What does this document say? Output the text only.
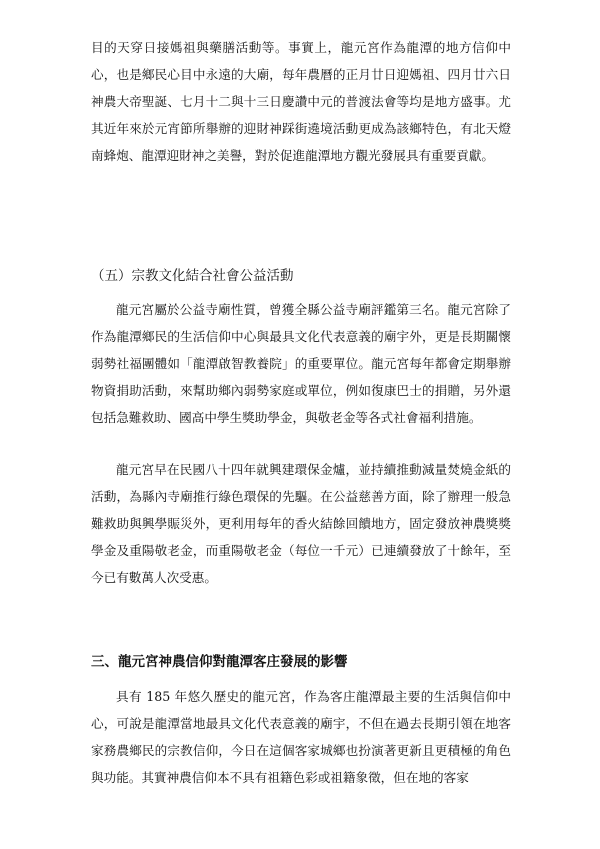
目的天穿日接媽祖與藥膳活動等。事實上，龍元宮作為龍潭的地方信仰中心，也是鄉民心目中永遠的大廟，每年農曆的正月廿日迎媽祖、四月廿六日神農大帝聖誕、七月十二與十三日慶讚中元的普渡法會等均是地方盛事。尤其近年來於元宵節所舉辦的迎財神踩街遶境活動更成為該鄉特色，有北天燈南蜂炮、龍潭迎財神之美譽，對於促進龍潭地方觀光發展具有重要貢獻。
（五）宗教文化結合社會公益活動
龍元宮屬於公益寺廟性質，曾獲全縣公益寺廟評鑑第三名。龍元宮除了作為龍潭鄉民的生活信仰中心與最具文化代表意義的廟宇外，更是長期關懷弱勢社福團體如「龍潭啟智教養院」的重要單位。龍元宮每年都會定期舉辦物資捐助活動，來幫助鄉內弱勢家庭或單位，例如復康巴士的捐贈，另外還包括急難救助、國高中學生獎助學金，與敬老金等各式社會福利措施。
龍元宮早在民國八十四年就興建環保金爐，並持續推動減量焚燒金紙的活動，為縣內寺廟推行綠色環保的先驅。在公益慈善方面，除了辦理一般急難救助與興學賑災外，更利用每年的香火結餘回饋地方，固定發放神農獎獎學金及重陽敬老金，而重陽敬老金（每位一千元）已連續發放了十餘年，至今已有數萬人次受惠。
三、龍元宮神農信仰對龍潭客庄發展的影響
具有 185 年悠久歷史的龍元宮，作為客庄龍潭最主要的生活與信仰中心，可說是龍潭當地最具文化代表意義的廟宇，不但在過去長期引領在地客家務農鄉民的宗教信仰，今日在這個客家城鄉也扮演著更新且更積極的角色與功能。其實神農信仰本不具有祖籍色彩或祖籍象徵，但在地的客家
